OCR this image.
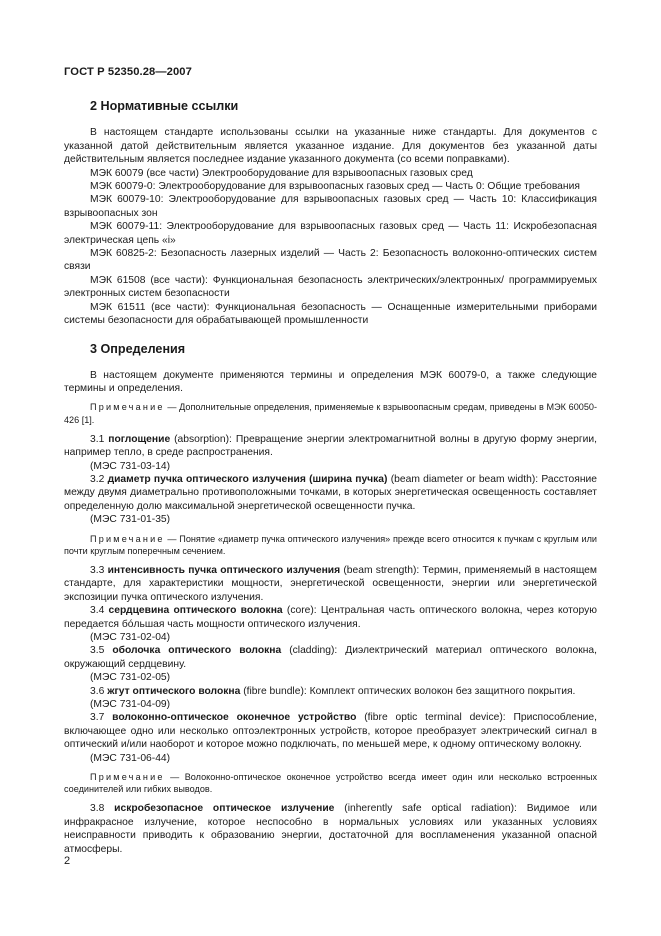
ГОСТ Р 52350.28—2007
2 Нормативные ссылки

В настоящем стандарте использованы ссылки на указанные ниже стандарты. Для документов с указанной датой действительным является указанное издание. Для документов без указанной даты действительным является последнее издание указанного документа (со всеми поправками).

МЭК 60079 (все части) Электрооборудование для взрывоопасных газовых сред

МЭК 60079-0: Электрооборудование для взрывоопасных газовых сред — Часть 0: Общие требования

МЭК 60079-10: Электрооборудование для взрывоопасных газовых сред — Часть 10: Классификация взрывоопасных зон

МЭК 60079-11: Электрооборудование для взрывоопасных газовых сред — Часть 11: Искробезопасная электрическая цепь «i»

МЭК 60825-2: Безопасность лазерных изделий — Часть 2: Безопасность волоконно-оптических систем связи

МЭК 61508 (все части): Функциональная безопасность электрических/электронных/ программируемых электронных систем безопасности

МЭК 61511 (все части): Функциональная безопасность — Оснащенные измерительными приборами системы безопасности для обрабатывающей промышленности

3 Определения

В настоящем документе применяются термины и определения МЭК 60079-0, а также следующие термины и определения.

Примечание — Дополнительные определения, применяемые к взрывоопасным средам, приведены в МЭК 60050-426 [1].

3.1 поглощение (absorption): Превращение энергии электромагнитной волны в другую форму энергии, например тепло, в среде распространения.

(МЭС 731-03-14)

3.2 диаметр пучка оптического излучения (ширина пучка) (beam diameter or beam width): Расстояние между двумя диаметрально противоположными точками, в которых энергетическая освещенность составляет определенную долю максимальной энергетической освещенности пучка.

(МЭС 731-01-35)

Примечание — Понятие «диаметр пучка оптического излучения» прежде всего относится к пучкам с круглым или почти круглым поперечным сечением.

3.3 интенсивность пучка оптического излучения (beam strength): Термин, применяемый в настоящем стандарте, для характеристики мощности, энергетической освещенности, энергии или энергетической экспозиции пучка оптического излучения.

3.4 сердцевина оптического волокна (core): Центральная часть оптического волокна, через которую передается бóльшая часть мощности оптического излучения.

(МЭС 731-02-04)

3.5 оболочка оптического волокна (cladding): Диэлектрический материал оптического волокна, окружающий сердцевину.

(МЭС 731-02-05)

3.6 жгут оптического волокна (fibre bundle): Комплект оптических волокон без защитного покрытия.

(МЭС 731-04-09)

3.7 волоконно-оптическое оконечное устройство (fibre optic terminal device): Приспособление, включающее одно или несколько оптоэлектронных устройств, которое преобразует электрический сигнал в оптический и/или наоборот и которое можно подключать, по меньшей мере, к одному оптическому волокну.

(МЭС 731-06-44)

Примечание — Волоконно-оптическое оконечное устройство всегда имеет один или несколько встроенных соединителей или гибких выводов.

3.8 искробезопасное оптическое излучение (inherently safe optical radiation): Видимое или инфракрасное излучение, которое неспособно в нормальных условиях или указанных условиях неисправности приводить к образованию энергии, достаточной для воспламенения указанной опасной атмосферы.

2
